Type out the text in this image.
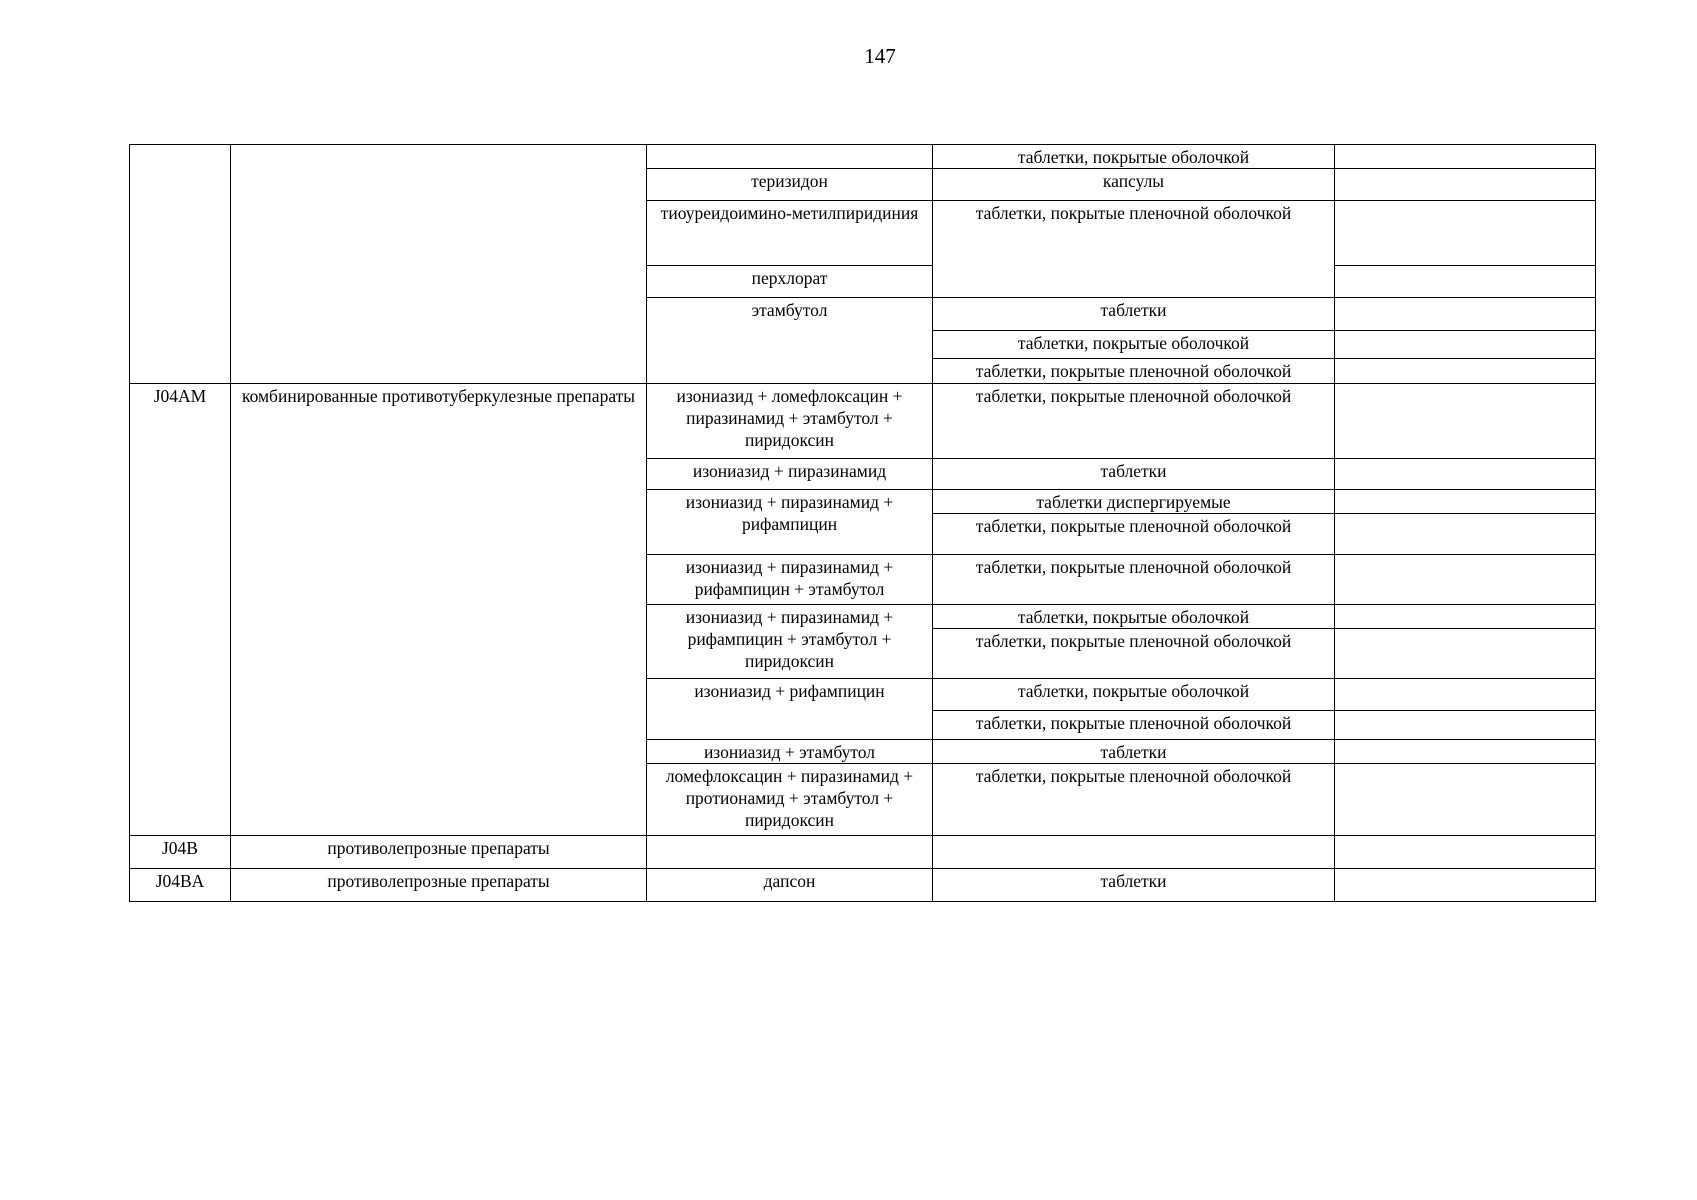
147
			таблетки, покрытые оболочкой	
		теризидон	капсулы	
		тиоуреидоимино-метилпиридиния	таблетки, покрытые пленочной оболочкой	
		перхлорат		
		этамбутол	таблетки	
			таблетки, покрытые оболочкой	
			таблетки, покрытые пленочной оболочкой	
J04AM	комбинированные противотуберкулезные препараты	изониазид + ломефлоксацин + пиразинамид + этамбутол + пиридоксин	таблетки, покрытые пленочной оболочкой	
		изониазид + пиразинамид	таблетки	
		изониазид + пиразинамид + рифампицин	таблетки диспергируемые	
			таблетки, покрытые пленочной оболочкой	
		изониазид + пиразинамид + рифампицин + этамбутол	таблетки, покрытые пленочной оболочкой	
		изониазид + пиразинамид + рифампицин + этамбутол + пиридоксин	таблетки, покрытые оболочкой	
			таблетки, покрытые пленочной оболочкой	
		изониазид + рифампицин	таблетки, покрытые оболочкой	
			таблетки, покрытые пленочной оболочкой	
		изониазид + этамбутол	таблетки	
		ломефлоксацин + пиразинамид + протионамид + этамбутол + пиридоксин	таблетки, покрытые пленочной оболочкой	
J04B	противолепрозные препараты			
J04BA	противолепрозные препараты	дапсон	таблетки	
